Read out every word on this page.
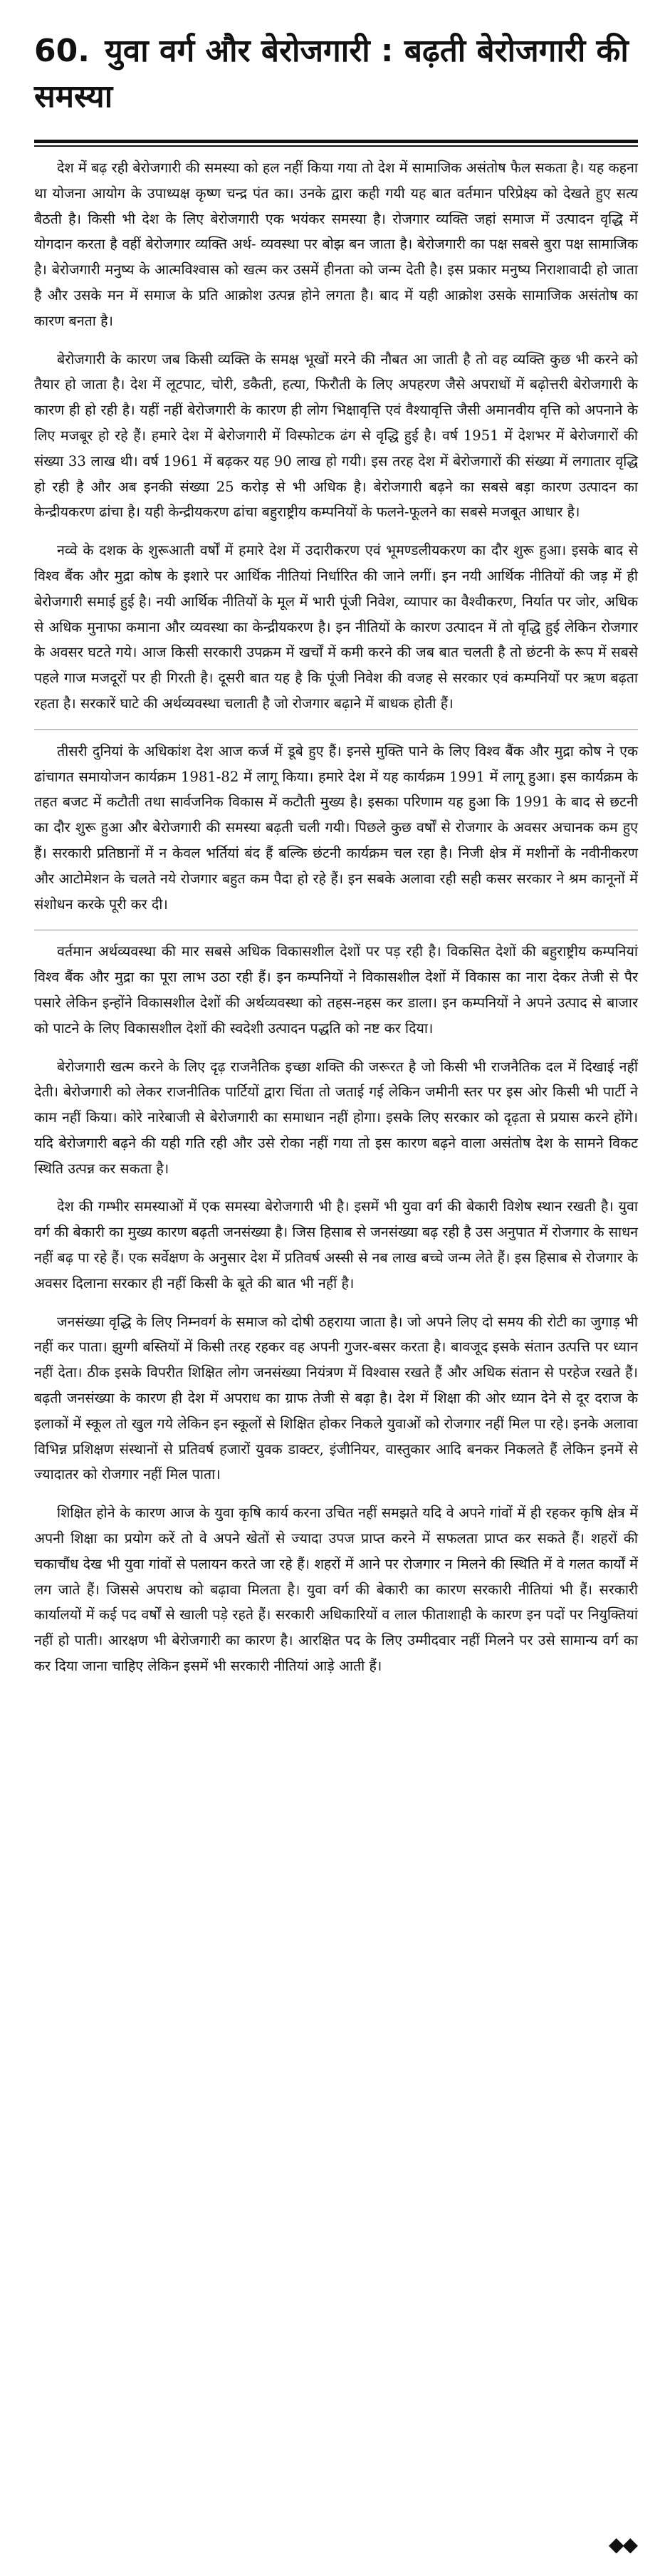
60. युवा वर्ग और बेरोजगारी : बढ़ती बेरोजगारी की समस्या

देश में बढ़ रही बेरोजगारी की समस्या को हल नहीं किया गया तो देश में सामाजिक असंतोष फैल सकता है। यह कहना था योजना आयोग के उपाध्यक्ष कृष्ण चन्द्र पंत का। उनके द्वारा कही गयी यह बात वर्तमान परिप्रेक्ष्य को देखते हुए सत्य बैठती है। किसी भी देश के लिए बेरोजगारी एक भयंकर समस्या है। रोजगार व्यक्ति जहां समाज में उत्पादन वृद्धि में योगदान करता है वहीं बेरोजगार व्यक्ति अर्थ- व्यवस्था पर बोझ बन जाता है। बेरोजगारी का पक्ष सबसे बुरा पक्ष सामाजिक है। बेरोजगारी मनुष्य के आत्मविश्वास को खत्म कर उसमें हीनता को जन्म देती है। इस प्रकार मनुष्य निराशावादी हो जाता है और उसके मन में समाज के प्रति आक्रोश उत्पन्न होने लगता है। बाद में यही आक्रोश उसके सामाजिक असंतोष का कारण बनता है।

बेरोजगारी के कारण जब किसी व्यक्ति के समक्ष भूखों मरने की नौबत आ जाती है तो वह व्यक्ति कुछ भी करने को तैयार हो जाता है। देश में लूटपाट, चोरी, डकैती, हत्या, फिरौती के लिए अपहरण जैसे अपराधों में बढ़ोत्तरी बेरोजगारी के कारण ही हो रही है। यहीं नहीं बेरोजगारी के कारण ही लोग भिक्षावृत्ति एवं वैश्यावृत्ति जैसी अमानवीय वृत्ति को अपनाने के लिए मजबूर हो रहे हैं। हमारे देश में बेरोजगारी में विस्फोटक ढंग से वृद्धि हुई है। वर्ष 1951 में देशभर में बेरोजगारों की संख्या 33 लाख थी। वर्ष 1961 में बढ़कर यह 90 लाख हो गयी। इस तरह देश में बेरोजगारों की संख्या में लगातार वृद्धि हो रही है और अब इनकी संख्या 25 करोड़ से भी अधिक है। बेरोजगारी बढ़ने का सबसे बड़ा कारण उत्पादन का केन्द्रीयकरण ढांचा है। यही केन्द्रीयकरण ढांचा बहुराष्ट्रीय कम्पनियों के फलने-फूलने का सबसे मजबूत आधार है।

नव्वे के दशक के शुरूआती वर्षों में हमारे देश में उदारीकरण एवं भूमण्डलीयकरण का दौर शुरू हुआ। इसके बाद से विश्व बैंक और मुद्रा कोष के इशारे पर आर्थिक नीतियां निर्धारित की जाने लगीं। इन नयी आर्थिक नीतियों की जड़ में ही बेरोजगारी समाई हुई है। नयी आर्थिक नीतियों के मूल में भारी पूंजी निवेश, व्यापार का वैश्वीकरण, निर्यात पर जोर, अधिक से अधिक मुनाफा कमाना और व्यवस्था का केन्द्रीयकरण है। इन नीतियों के कारण उत्पादन में तो वृद्धि हुई लेकिन रोजगार के अवसर घटते गये। आज किसी सरकारी उपक्रम में खर्चों में कमी करने की जब बात चलती है तो छंटनी के रूप में सबसे पहले गाज मजदूरों पर ही गिरती है। दूसरी बात यह है कि पूंजी निवेश की वजह से सरकार एवं कम्पनियों पर ऋण बढ़ता रहता है। सरकारें घाटे की अर्थव्यवस्था चलाती है जो रोजगार बढ़ाने में बाधक होती हैं।

तीसरी दुनियां के अधिकांश देश आज कर्ज में डूबे हुए हैं। इनसे मुक्ति पाने के लिए विश्व बैंक और मुद्रा कोष ने एक ढांचागत समायोजन कार्यक्रम 1981-82 में लागू किया। हमारे देश में यह कार्यक्रम 1991 में लागू हुआ। इस कार्यक्रम के तहत बजट में कटौती तथा सार्वजनिक विकास में कटौती मुख्य है। इसका परिणाम यह हुआ कि 1991 के बाद से छटनी का दौर शुरू हुआ और बेरोजगारी की समस्या बढ़ती चली गयी। पिछले कुछ वर्षों से रोजगार के अवसर अचानक कम हुए हैं। सरकारी प्रतिष्ठानों में न केवल भर्तियां बंद हैं बल्कि छंटनी कार्यक्रम चल रहा है। निजी क्षेत्र में मशीनों के नवीनीकरण और आटोमेशन के चलते नये रोजगार बहुत कम पैदा हो रहे हैं। इन सबके अलावा रही सही कसर सरकार ने श्रम कानूनों में संशोधन करके पूरी कर दी।

वर्तमान अर्थव्यवस्था की मार सबसे अधिक विकासशील देशों पर पड़ रही है। विकसित देशों की बहुराष्ट्रीय कम्पनियां विश्व बैंक और मुद्रा का पूरा लाभ उठा रही हैं। इन कम्पनियों ने विकासशील देशों में विकास का नारा देकर तेजी से पैर पसारे लेकिन इन्होंने विकासशील देशों की अर्थव्यवस्था को तहस-नहस कर डाला। इन कम्पनियों ने अपने उत्पाद से बाजार को पाटने के लिए विकासशील देशों की स्वदेशी उत्पादन पद्धति को नष्ट कर दिया।

बेरोजगारी खत्म करने के लिए दृढ़ राजनैतिक इच्छा शक्ति की जरूरत है जो किसी भी राजनैतिक दल में दिखाई नहीं देती। बेरोजगारी को लेकर राजनीतिक पार्टियों द्वारा चिंता तो जताई गई लेकिन जमीनी स्तर पर इस ओर किसी भी पार्टी ने काम नहीं किया। कोरे नारेबाजी से बेरोजगारी का समाधान नहीं होगा। इसके लिए सरकार को दृढ़ता से प्रयास करने होंगे। यदि बेरोजगारी बढ़ने की यही गति रही और उसे रोका नहीं गया तो इस कारण बढ़ने वाला असंतोष देश के सामने विकट स्थिति उत्पन्न कर सकता है।

देश की गम्भीर समस्याओं में एक समस्या बेरोजगारी भी है। इसमें भी युवा वर्ग की बेकारी विशेष स्थान रखती है। युवा वर्ग की बेकारी का मुख्य कारण बढ़ती जनसंख्या है। जिस हिसाब से जनसंख्या बढ़ रही है उस अनुपात में रोजगार के साधन नहीं बढ़ पा रहे हैं। एक सर्वेक्षण के अनुसार देश में प्रतिवर्ष अस्सी से नब लाख बच्चे जन्म लेते हैं। इस हिसाब से रोजगार के अवसर दिलाना सरकार ही नहीं किसी के बूते की बात भी नहीं है।

जनसंख्या वृद्धि के लिए निम्नवर्ग के समाज को दोषी ठहराया जाता है। जो अपने लिए दो समय की रोटी का जुगाड़ भी नहीं कर पाता। झुग्गी बस्तियों में किसी तरह रहकर वह अपनी गुजर-बसर करता है। बावजूद इसके संतान उत्पत्ति पर ध्यान नहीं देता। ठीक इसके विपरीत शिक्षित लोग जनसंख्या नियंत्रण में विश्वास रखते हैं और अधिक संतान से परहेज रखते हैं। बढ़ती जनसंख्या के कारण ही देश में अपराध का ग्राफ तेजी से बढ़ा है। देश में शिक्षा की ओर ध्यान देने से दूर दराज के इलाकों में स्कूल तो खुल गये लेकिन इन स्कूलों से शिक्षित होकर निकले युवाओं को रोजगार नहीं मिल पा रहे। इनके अलावा विभिन्न प्रशिक्षण संस्थानों से प्रतिवर्ष हजारों युवक डाक्टर, इंजीनियर, वास्तुकार आदि बनकर निकलते हैं लेकिन इनमें से ज्यादातर को रोजगार नहीं मिल पाता।

शिक्षित होने के कारण आज के युवा कृषि कार्य करना उचित नहीं समझते यदि वे अपने गांवों में ही रहकर कृषि क्षेत्र में अपनी शिक्षा का प्रयोग करें तो वे अपने खेतों से ज्यादा उपज प्राप्त करने में सफलता प्राप्त कर सकते हैं। शहरों की चकाचौंध देख भी युवा गांवों से पलायन करते जा रहे हैं। शहरों में आने पर रोजगार न मिलने की स्थिति में वे गलत कार्यों में लग जाते हैं। जिससे अपराध को बढ़ावा मिलता है। युवा वर्ग की बेकारी का कारण सरकारी नीतियां भी हैं। सरकारी कार्यालयों में कई पद वर्षों से खाली पड़े रहते हैं। सरकारी अधिकारियों व लाल फीताशाही के कारण इन पदों पर नियुक्तियां नहीं हो पाती। आरक्षण भी बेरोजगारी का कारण है। आरक्षित पद के लिए उम्मीदवार नहीं मिलने पर उसे सामान्य वर्ग का कर दिया जाना चाहिए लेकिन इसमें भी सरकारी नीतियां आड़े आती हैं।

◆◆
